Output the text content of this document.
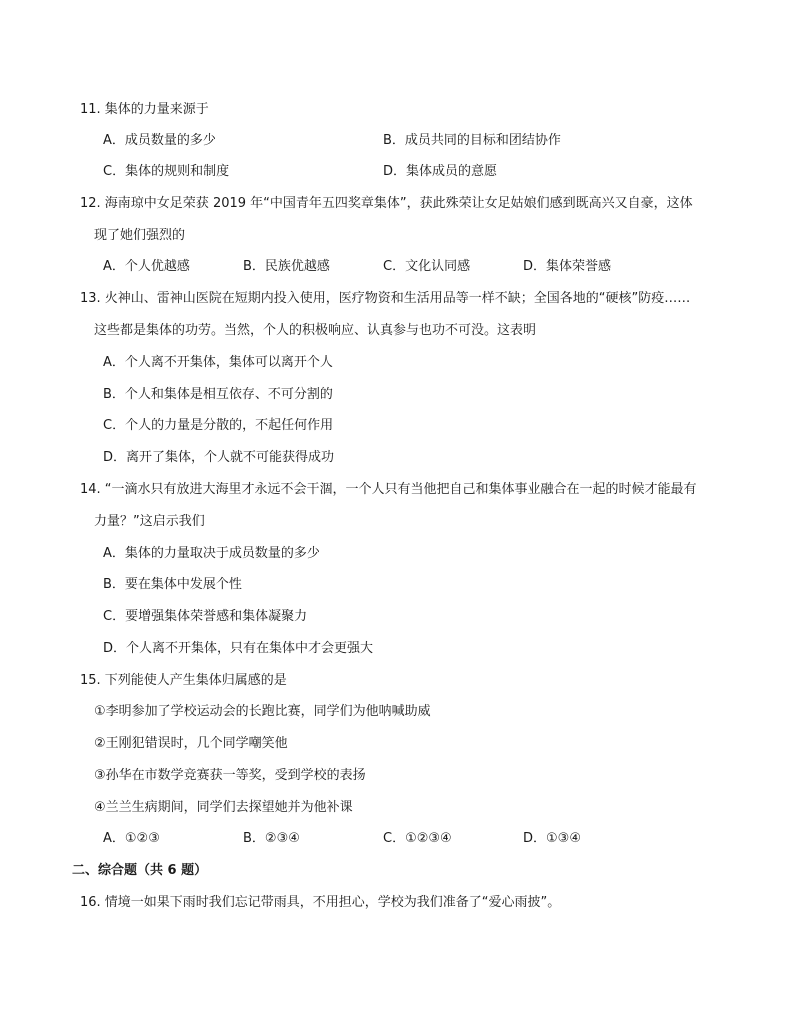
11. 集体的力量来源于
A．成员数量的多少	B．成员共同的目标和团结协作
C．集体的规则和制度	D．集体成员的意愿
12. 海南琼中女足荣获 2019 年“中国青年五四奖章集体”，获此殊荣让女足姑娘们感到既高兴又自豪，这体
现了她们强烈的
A．个人优越感	B．民族优越感	C．文化认同感	D．集体荣誉感
13. 火神山、雷神山医院在短期内投入使用，医疗物资和生活用品等一样不缺；全国各地的“硬核”防疫……
这些都是集体的功劳。当然，个人的积极响应、认真参与也功不可没。这表明
A．个人离不开集体，集体可以离开个人
B．个人和集体是相互依存、不可分割的
C．个人的力量是分散的，不起任何作用
D．离开了集体，个人就不可能获得成功
14. “一滴水只有放进大海里才永远不会干涸，一个人只有当他把自己和集体事业融合在一起的时候才能最有
力量？”这启示我们
A．集体的力量取决于成员数量的多少
B．要在集体中发展个性
C．要增强集体荣誉感和集体凝聚力
D．个人离不开集体，只有在集体中才会更强大
15. 下列能使人产生集体归属感的是
①李明参加了学校运动会的长跑比赛，同学们为他呐喊助威
②王刚犯错误时，几个同学嘲笑他
③孙华在市数学竞赛获一等奖，受到学校的表扬
④兰兰生病期间，同学们去探望她并为他补课
A．①②③	B．②③④	C．①②③④	D．①③④
二、综合题（共 6 题）
16. 情境一如果下雨时我们忘记带雨具，不用担心，学校为我们准备了“爱心雨披”。
